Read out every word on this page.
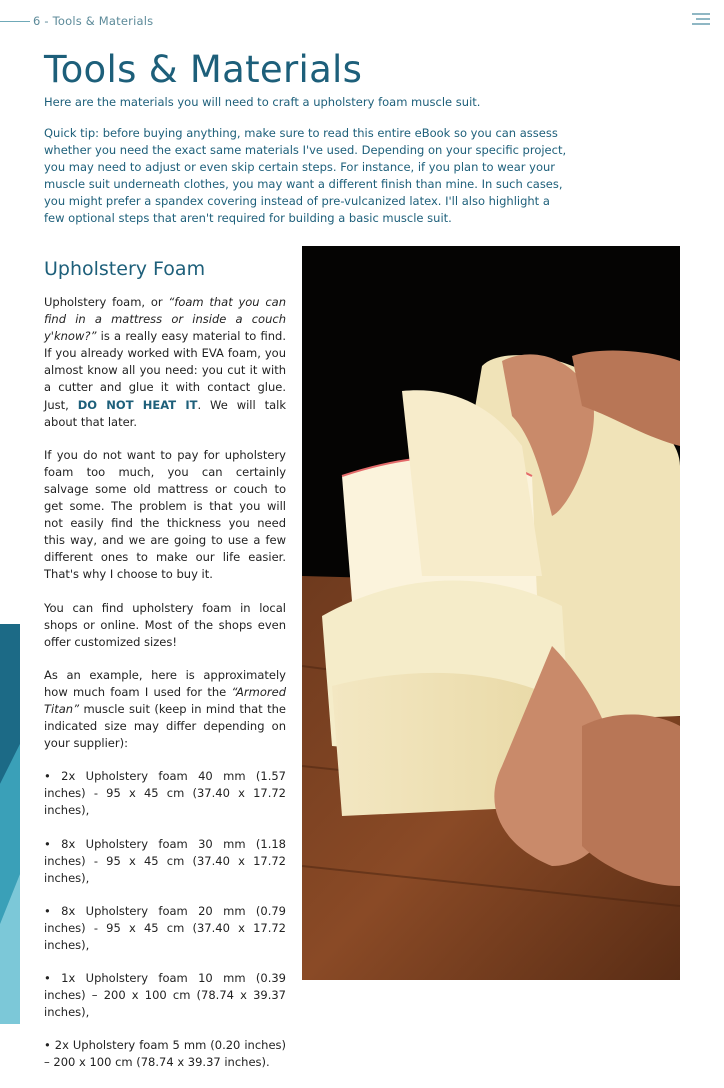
6 - Tools & Materials
Tools & Materials

Here are the materials you will need to craft a upholstery foam muscle suit.

Quick tip: before buying anything, make sure to read this entire eBook so you can assess whether you need the exact same materials I've used. Depending on your specific project, you may need to adjust or even skip certain steps. For instance, if you plan to wear your muscle suit underneath clothes, you may want a different finish than mine. In such cases, you might prefer a spandex covering instead of pre-vulcanized latex. I'll also highlight a few optional steps that aren't required for building a basic muscle suit.

Upholstery Foam

Upholstery foam, or “foam that you can find in a mattress or inside a couch y'know?” is a really easy material to find. If you already worked with EVA foam, you almost know all you need: you cut it with a cutter and glue it with contact glue. Just, DO NOT HEAT IT. We will talk about that later.

If you do not want to pay for upholstery foam too much, you can certainly salvage some old mattress or couch to get some. The problem is that you will not easily find the thickness you need this way, and we are going to use a few different ones to make our life easier. That's why I choose to buy it.

You can find upholstery foam in local shops or online. Most of the shops even offer customized sizes!

As an example, here is approximately how much foam I used for the “Armored Titan” muscle suit (keep in mind that the indicated size may differ depending on your supplier):

• 2x Upholstery foam 40 mm (1.57 inches) - 95 x 45 cm (37.40 x 17.72 inches),

• 8x Upholstery foam 30 mm (1.18 inches) - 95 x 45 cm (37.40 x 17.72 inches),

• 8x Upholstery foam 20 mm (0.79 inches) - 95 x 45 cm (37.40 x 17.72 inches),

• 1x Upholstery foam 10 mm (0.39 inches) – 200 x 100 cm (78.74 x 39.37 inches),

• 2x Upholstery foam 5 mm (0.20 inches) – 200 x 100 cm (78.74 x 39.37 inches).
